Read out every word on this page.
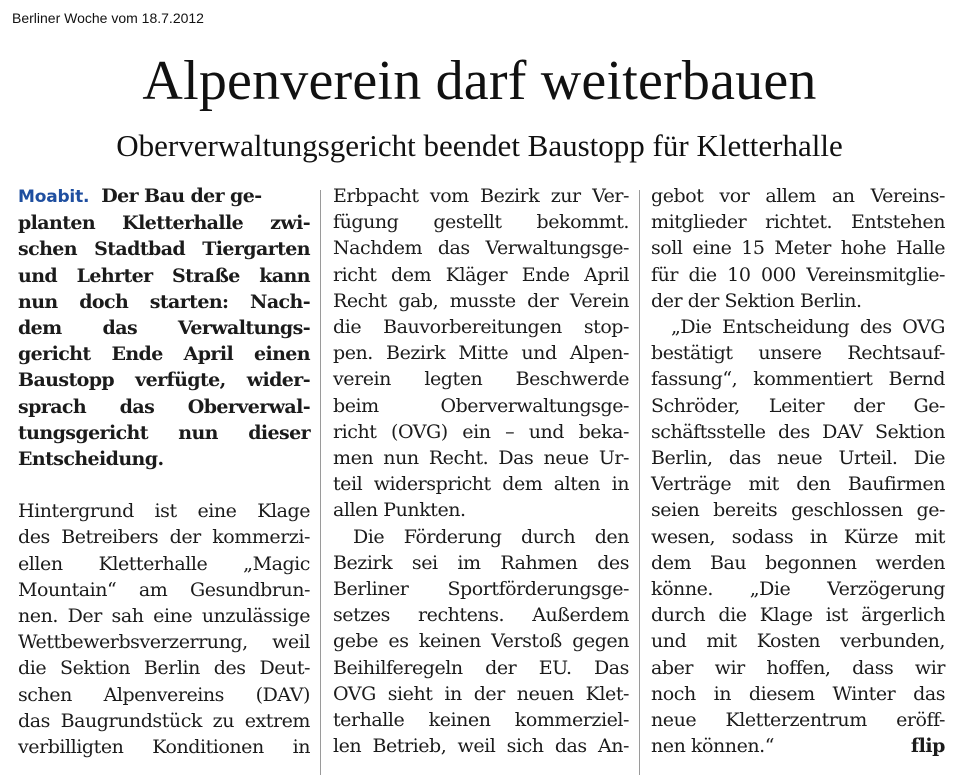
Berliner Woche vom 18.7.2012
Alpenverein darf weiterbauen
Oberverwaltungsgericht beendet Baustopp für Kletterhalle
Moabit. Der Bau der ge-
planten Kletterhalle zwi-
schen Stadtbad Tiergarten
und Lehrter Straße kann
nun doch starten: Nach-
dem das Verwaltungs-
gericht Ende April einen
Baustopp verfügte, wider-
sprach das Oberverwal-
tungsgericht nun dieser
Entscheidung.
Hintergrund ist eine Klage
des Betreibers der kommerzi-
ellen Kletterhalle „Magic
Mountain“ am Gesundbrun-
nen. Der sah eine unzulässige
Wettbewerbsverzerrung, weil
die Sektion Berlin des Deut-
schen Alpenvereins (DAV)
das Baugrundstück zu extrem
verbilligten Konditionen in
Erbpacht vom Bezirk zur Ver-
fügung gestellt bekommt.
Nachdem das Verwaltungsge-
richt dem Kläger Ende April
Recht gab, musste der Verein
die Bauvorbereitungen stop-
pen. Bezirk Mitte und Alpen-
verein legten Beschwerde
beim Oberverwaltungsge-
richt (OVG) ein – und beka-
men nun Recht. Das neue Ur-
teil widerspricht dem alten in
allen Punkten.
Die Förderung durch den
Bezirk sei im Rahmen des
Berliner Sportförderungsge-
setzes rechtens. Außerdem
gebe es keinen Verstoß gegen
Beihilferegeln der EU. Das
OVG sieht in der neuen Klet-
terhalle keinen kommerziel-
len Betrieb, weil sich das An-
gebot vor allem an Vereins-
mitglieder richtet. Entstehen
soll eine 15 Meter hohe Halle
für die 10 000 Vereinsmitglie-
der der Sektion Berlin.
„Die Entscheidung des OVG
bestätigt unsere Rechtsauf-
fassung“, kommentiert Bernd
Schröder, Leiter der Ge-
schäftsstelle des DAV Sektion
Berlin, das neue Urteil. Die
Verträge mit den Baufirmen
seien bereits geschlossen ge-
wesen, sodass in Kürze mit
dem Bau begonnen werden
könne. „Die Verzögerung
durch die Klage ist ärgerlich
und mit Kosten verbunden,
aber wir hoffen, dass wir
noch in diesem Winter das
neue Kletterzentrum eröff-
nen können.“	flip
